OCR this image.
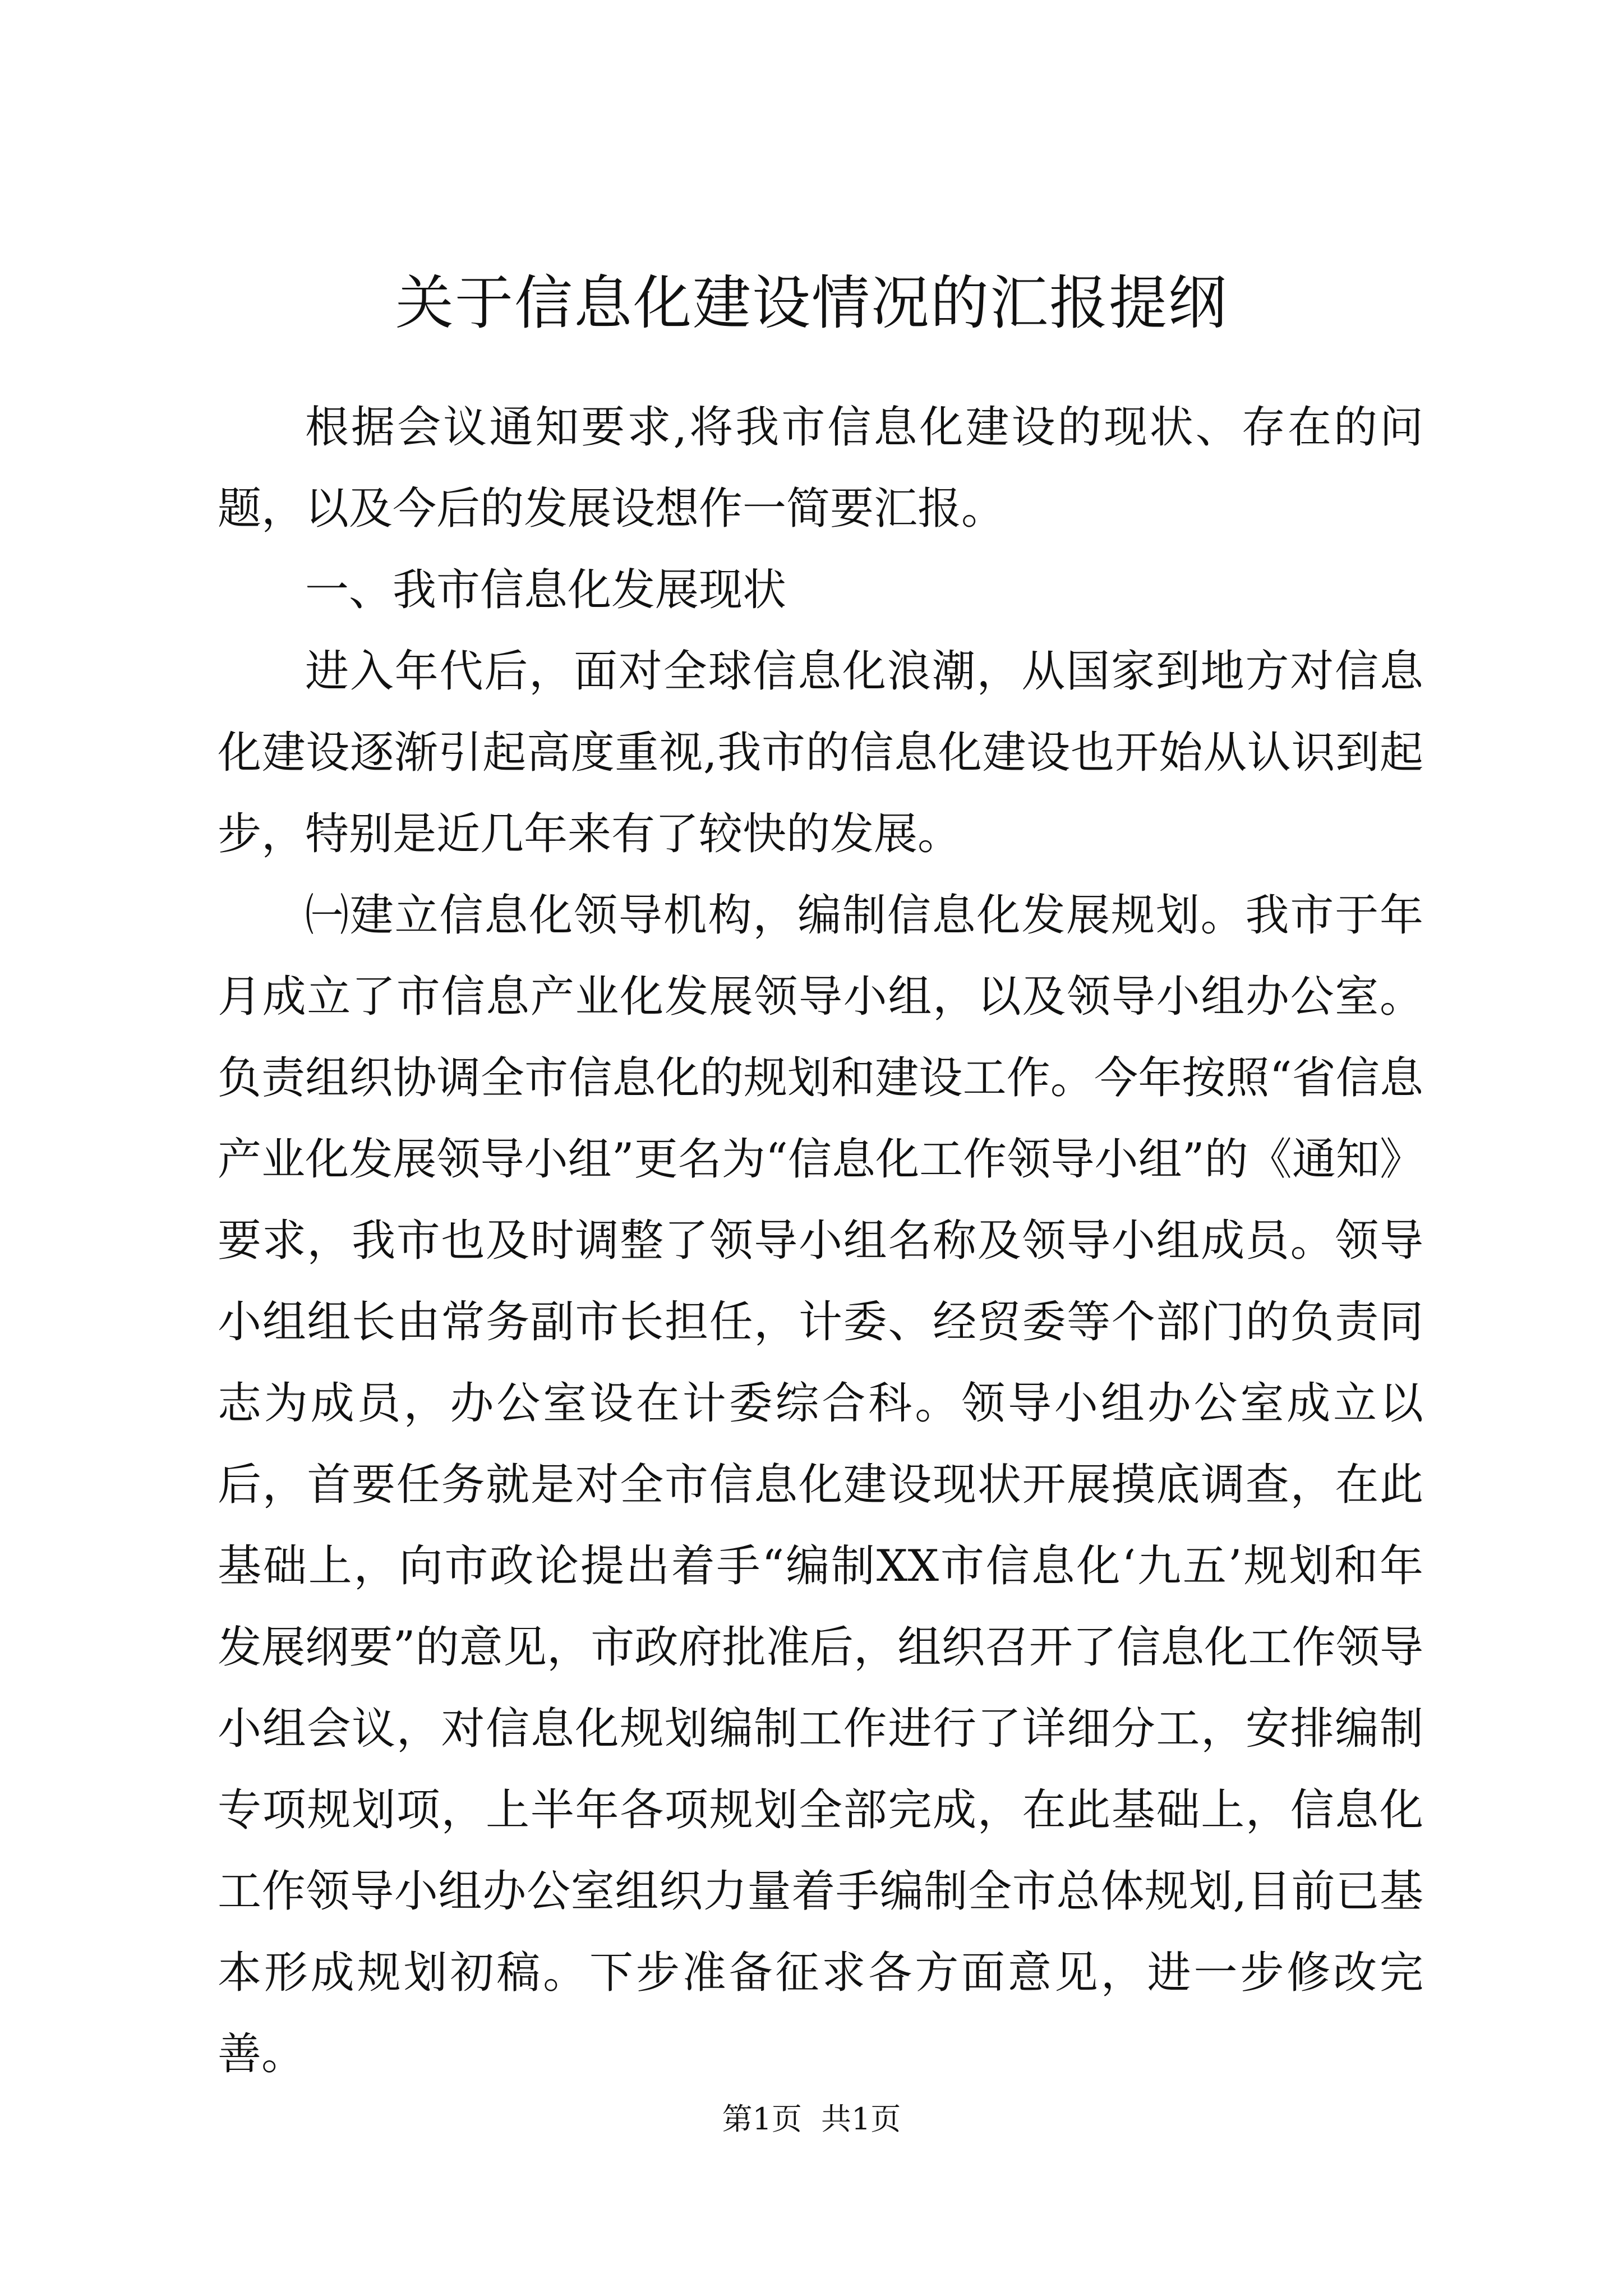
关于信息化建设情况的汇报提纲

根据会议通知要求,将我市信息化建设的现状、存在的问题，以及今后的发展设想作一简要汇报。

一、我市信息化发展现状

进入年代后，面对全球信息化浪潮，从国家到地方对信息化建设逐渐引起高度重视,我市的信息化建设也开始从认识到起步，特别是近几年来有了较快的发展。

㈠建立信息化领导机构，编制信息化发展规划。我市于年月成立了市信息产业化发展领导小组，以及领导小组办公室。负责组织协调全市信息化的规划和建设工作。今年按照“省信息产业化发展领导小组”更名为“信息化工作领导小组”的《通知》要求，我市也及时调整了领导小组名称及领导小组成员。领导小组组长由常务副市长担任，计委、经贸委等个部门的负责同志为成员，办公室设在计委综合科。领导小组办公室成立以后，首要任务就是对全市信息化建设现状开展摸底调查，在此基础上，向市政论提出着手“编制XX市信息化‘九五’规划和年发展纲要”的意见，市政府批准后，组织召开了信息化工作领导小组会议，对信息化规划编制工作进行了详细分工，安排编制专项规划项，上半年各项规划全部完成，在此基础上，信息化工作领导小组办公室组织力量着手编制全市总体规划,目前已基本形成规划初稿。下步准备征求各方面意见，进一步修改完善。

第1页 共1页
